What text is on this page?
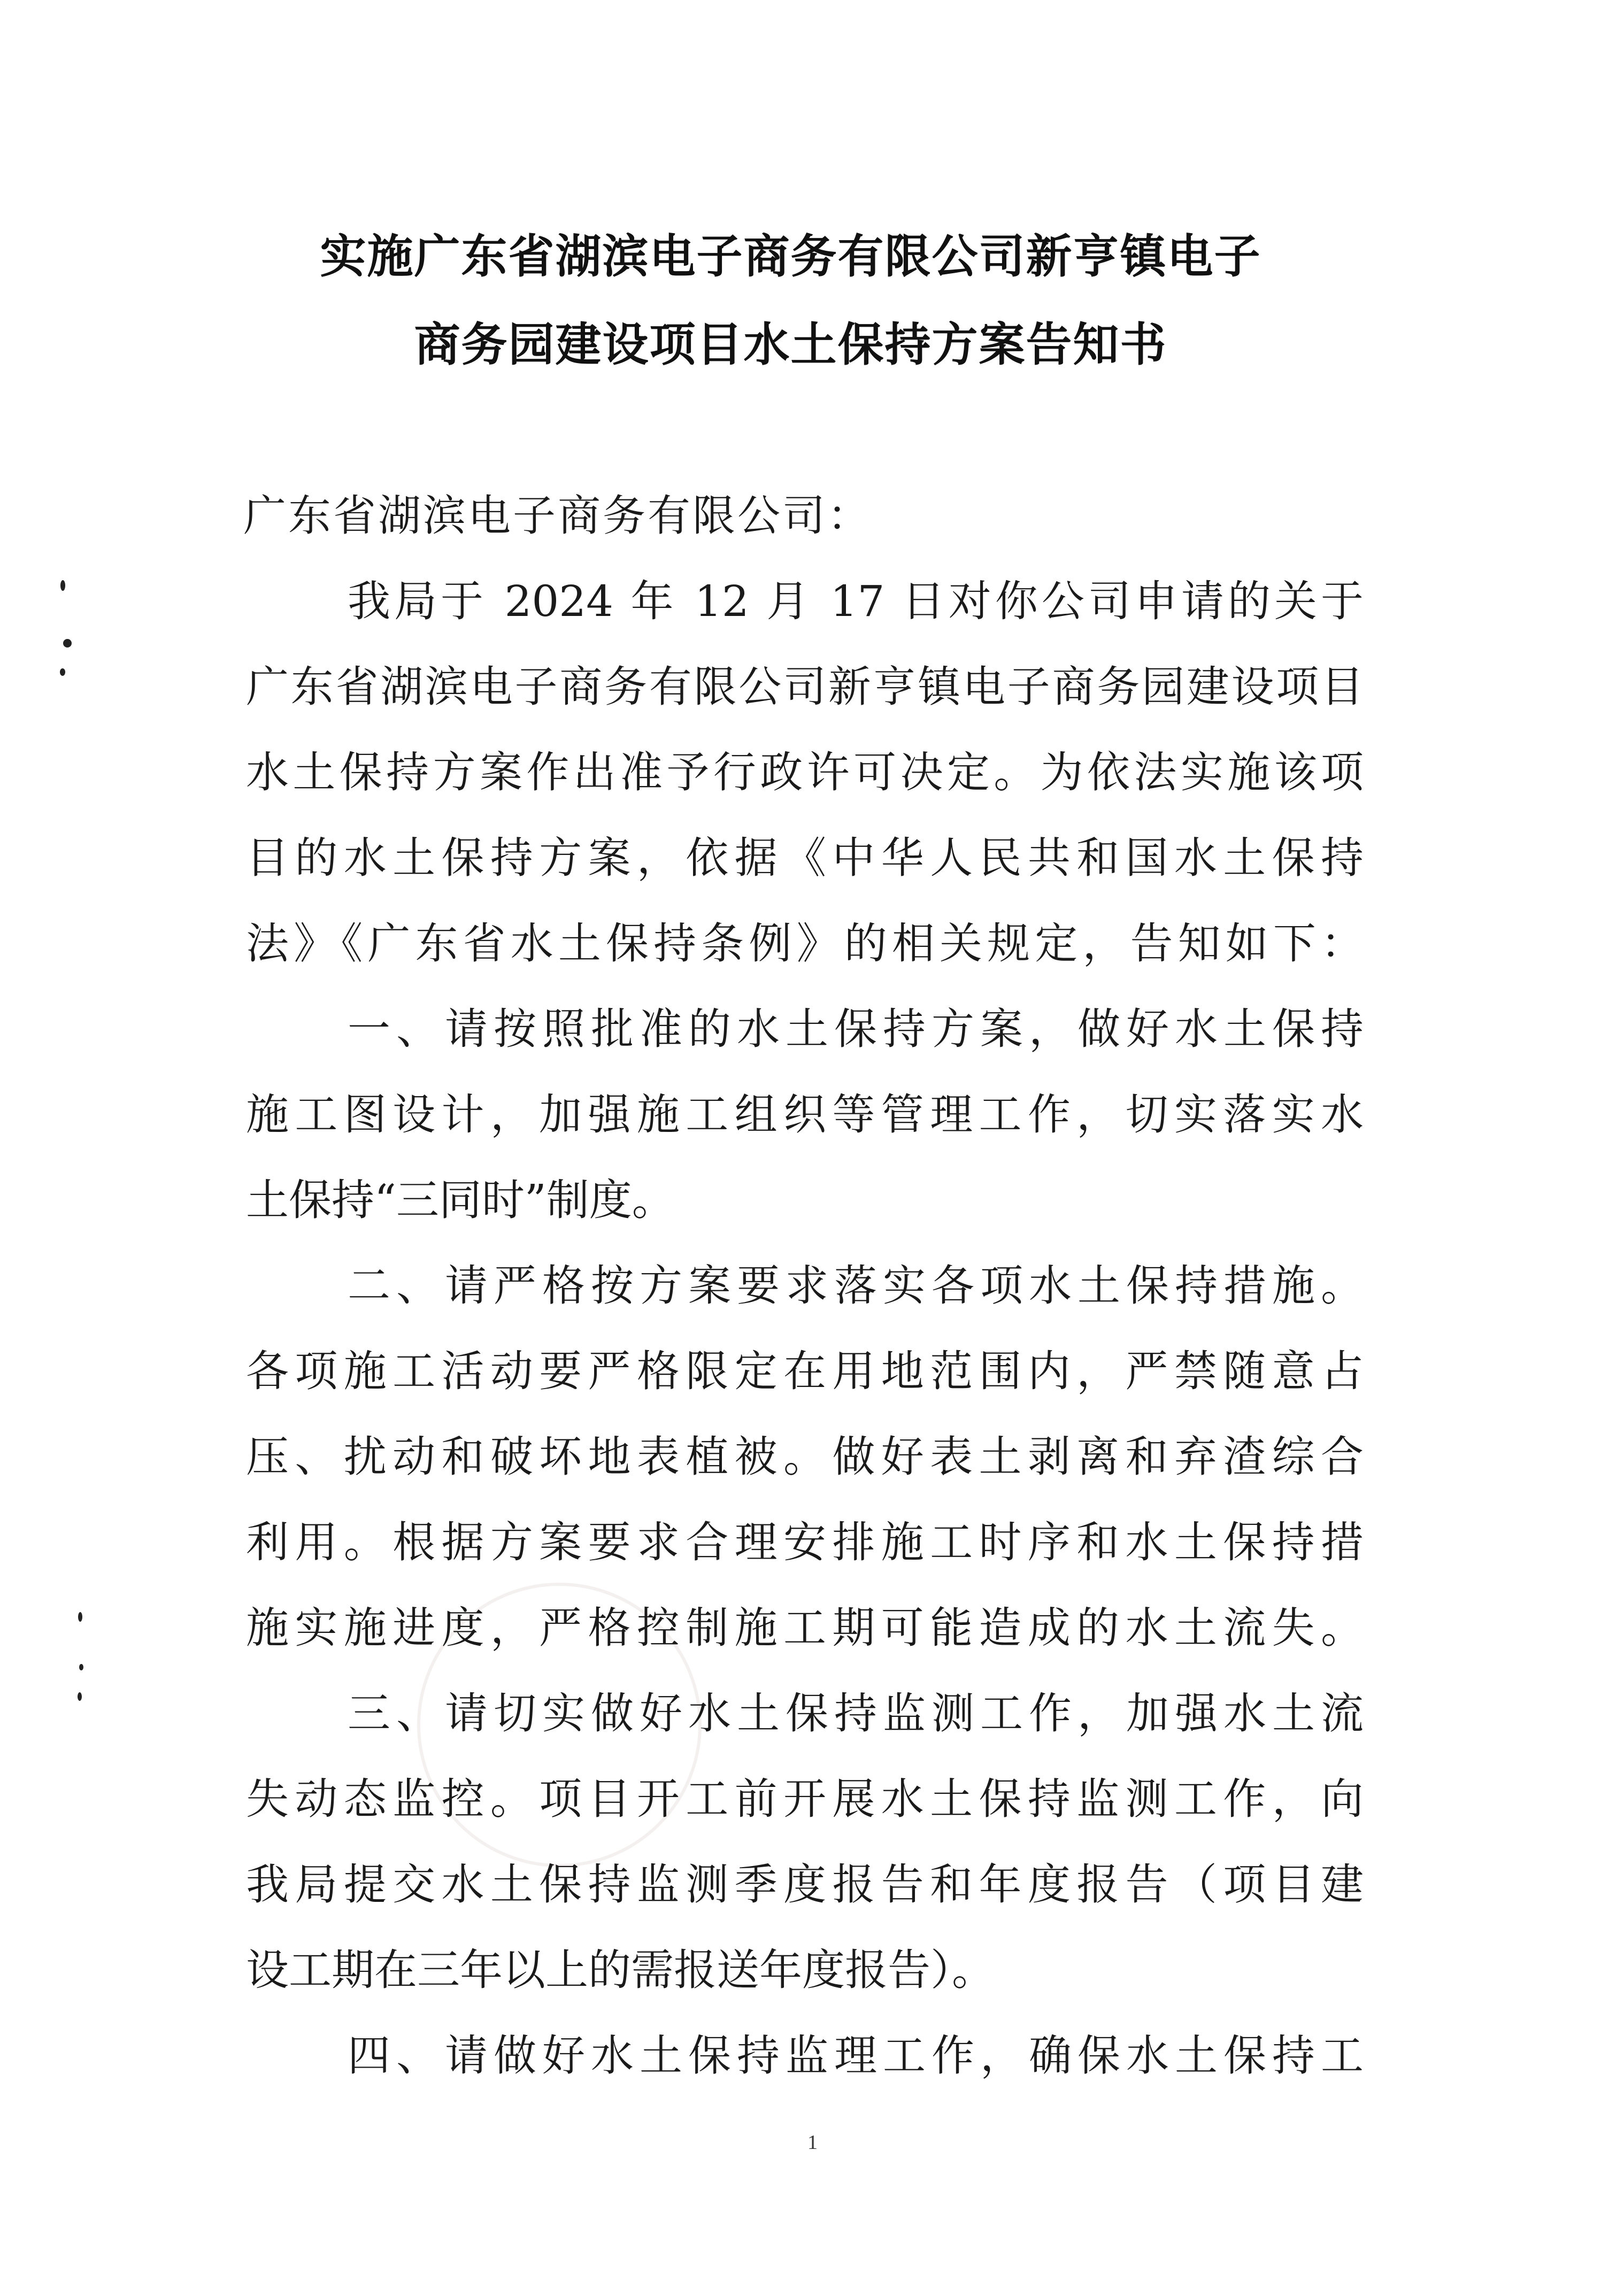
实施广东省湖滨电子商务有限公司新亨镇电子
商务园建设项目水土保持方案告知书
广东省湖滨电子商务有限公司：
我局于 2024 年 12 月 17 日对你公司申请的关于
广东省湖滨电子商务有限公司新亨镇电子商务园建设项目
水土保持方案作出准予行政许可决定。为依法实施该项
目的水土保持方案，依据《中华人民共和国水土保持
法》《广东省水土保持条例》的相关规定，告知如下：
一、请按照批准的水土保持方案，做好水土保持
施工图设计，加强施工组织等管理工作，切实落实水
土保持“三同时”制度。
二、请严格按方案要求落实各项水土保持措施。
各项施工活动要严格限定在用地范围内，严禁随意占
压、扰动和破坏地表植被。做好表土剥离和弃渣综合
利用。根据方案要求合理安排施工时序和水土保持措
施实施进度，严格控制施工期可能造成的水土流失。
三、请切实做好水土保持监测工作，加强水土流
失动态监控。项目开工前开展水土保持监测工作，向
我局提交水土保持监测季度报告和年度报告（项目建
设工期在三年以上的需报送年度报告）。
四、请做好水土保持监理工作，确保水土保持工
1
